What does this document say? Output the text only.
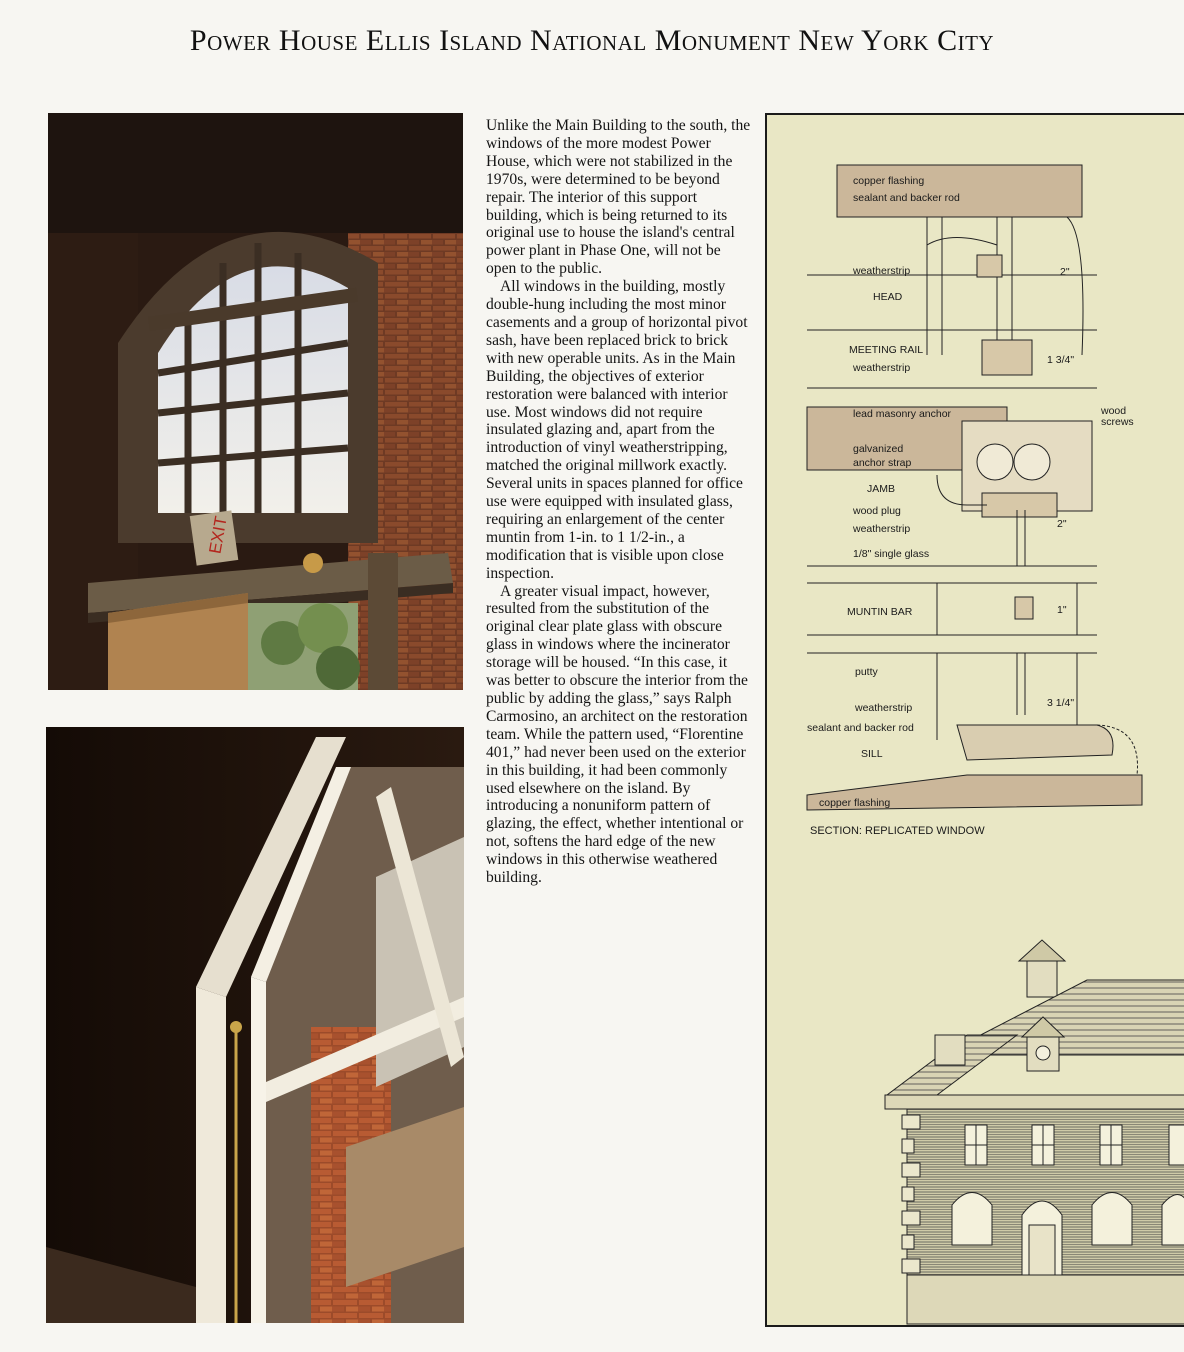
Power House Ellis Island National Monument New York City
EXIT

Unlike the Main Building to the south, the windows of the more modest Power House, which were not stabilized in the 1970s, were determined to be beyond repair. The interior of this support building, which is being returned to its original use to house the island's central power plant in Phase One, will not be open to the public.

All windows in the building, mostly double-hung including the most minor casements and a group of horizontal pivot sash, have been replaced brick to brick with new operable units. As in the Main Building, the objectives of exterior restoration were balanced with interior use. Most windows did not require insulated glazing and, apart from the introduction of vinyl weatherstripping, matched the original millwork exactly. Several units in spaces planned for office use were equipped with insulated glass, requiring an enlargement of the center muntin from 1-in. to 1 1/2-in., a modification that is visible upon close inspection.

A greater visual impact, however, resulted from the substitution of the original clear plate glass with obscure glass in windows where the incinerator storage will be housed. “In this case, it was better to obscure the interior from the public by adding the glass,” says Ralph Carmosino, an architect on the restoration team. While the pattern used, “Florentine 401,” had never been used on the exterior in this building, it had been commonly used elsewhere on the island. By introducing a nonuniform pattern of glazing, the effect, whether intentional or not, softens the hard edge of the new windows in this otherwise weathered building.

copper flashing
sealant and backer rod
weatherstrip
HEAD
2"
MEETING RAIL
weatherstrip
1 3/4"
lead masonry anchor	wood
screws
galvanized
anchor strap
JAMB
wood plug
weatherstrip	2"
1/8" single glass
MUNTIN BAR	1"
putty
weatherstrip	3 1/4"
sealant and backer rod
SILL
copper flashing
SECTION: REPLICATED WINDOW
